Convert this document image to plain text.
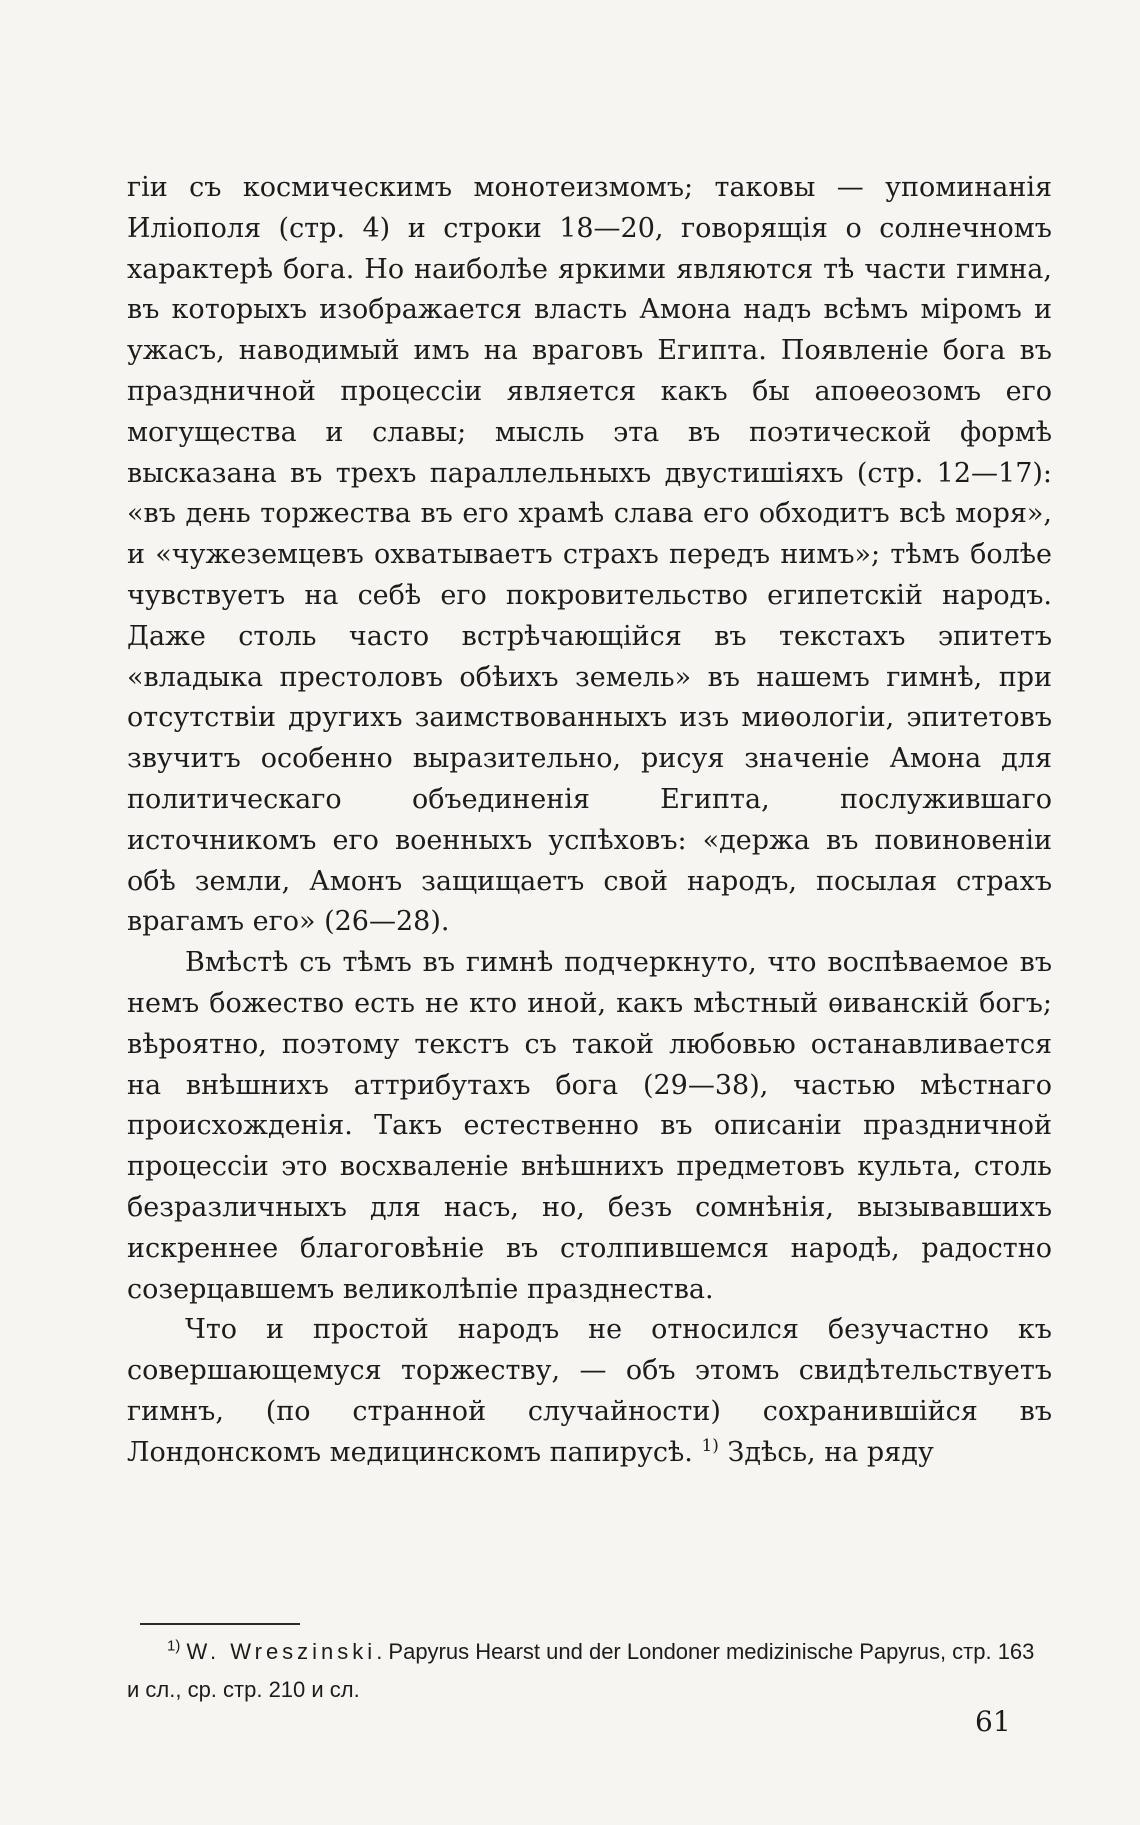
гіи съ космическимъ монотеизмомъ; таковы — упоминанія Иліополя (стр. 4) и строки 18—20, говорящія о солнечномъ характерѣ бога. Но наиболѣе яркими являются тѣ части гимна, въ которыхъ изображается власть Амона надъ всѣмъ міромъ и ужасъ, наводимый имъ на враговъ Египта. Появленіе бога въ праздничной процессіи является какъ бы апоѳеозомъ его могущества и славы; мысль эта въ поэтической формѣ высказана въ трехъ параллельныхъ двустишіяхъ (стр. 12—17): «въ день торжества въ его храмѣ слава его обходитъ всѣ моря», и «чужеземцевъ охватываетъ страхъ передъ нимъ»; тѣмъ болѣе чувствуетъ на себѣ его покровительство египетскій народъ. Даже столь часто встрѣчающійся въ текстахъ эпитетъ «владыка престоловъ обѣихъ земель» въ нашемъ гимнѣ, при отсутствіи другихъ заимствованныхъ изъ миѳологіи, эпитетовъ звучитъ особенно выразительно, рисуя значеніе Амона для политическаго объединенія Египта, послужившаго источникомъ его военныхъ успѣховъ: «держа въ повиновеніи обѣ земли, Амонъ защищаетъ свой народъ, посылая страхъ врагамъ его» (26—28).

Вмѣстѣ съ тѣмъ въ гимнѣ подчеркнуто, что воспѣваемое въ немъ божество есть не кто иной, какъ мѣстный ѳиванскій богъ; вѣроятно, поэтому текстъ съ такой любовью останавливается на внѣшнихъ аттрибутахъ бога (29—38), частью мѣстнаго происхожденія. Такъ естественно въ описаніи праздничной процессіи это восхваленіе внѣшнихъ предметовъ культа, столь безразличныхъ для насъ, но, безъ сомнѣнія, вызывавшихъ искреннее благоговѣніе въ столпившемся народѣ, радостно созерцавшемъ великолѣпіе празднества.

Что и простой народъ не относился безучастно къ совершающемуся торжеству, — объ этомъ свидѣтельствуетъ гимнъ, (по странной случайности) сохранившійся въ Лондонскомъ медицинскомъ папирусѣ. $^{1)}$ Здѣсь, на ряду

$^{1)}$ W. Wreszinski. Papyrus Hearst und der Londoner medizinische Papyrus, стр. 163 и сл., ср. стр. 210 и сл.

61
